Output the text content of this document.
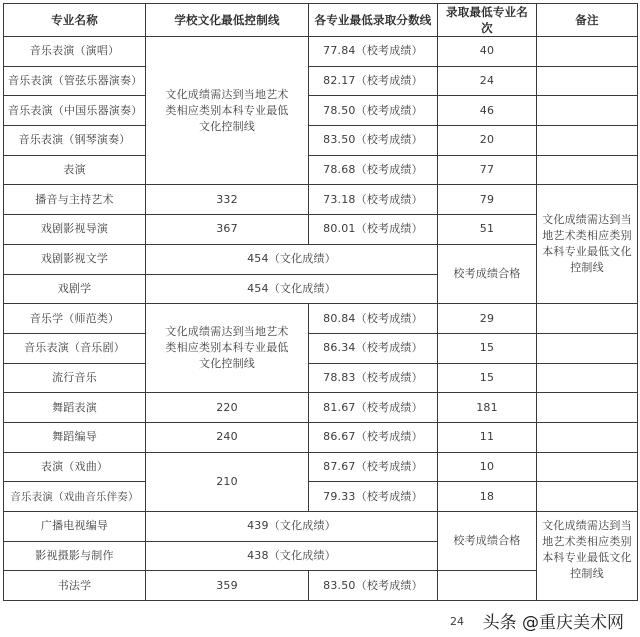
专业名称	学校文化最低控制线	各专业最低录取分数线	录取最低专业名次	备注
音乐表演（演唱）	文化成绩需达到当地艺术类相应类别本科专业最低文化控制线	77.84（校考成绩）	40	
音乐表演（管弦乐器演奏）		82.17（校考成绩）	24	
音乐表演（中国乐器演奏）		78.50（校考成绩）	46	
音乐表演（钢琴演奏）		83.50（校考成绩）	20	
表演		78.68（校考成绩）	77	
播音与主持艺术	332	73.18（校考成绩）	79	文化成绩需达到当地艺术类相应类别本科专业最低文化控制线
戏剧影视导演	367	80.01（校考成绩）	51	
戏剧影视文学	454（文化成绩）		校考成绩合格	
戏剧学	454（文化成绩）			
音乐学（师范类）	文化成绩需达到当地艺术类相应类别本科专业最低文化控制线	80.84（校考成绩）	29	
音乐表演（音乐剧）		86.34（校考成绩）	15	
流行音乐		78.83（校考成绩）	15	
舞蹈表演	220	81.67（校考成绩）	181	
舞蹈编导	240	86.67（校考成绩）	11	
表演（戏曲）	210	87.67（校考成绩）	10	
音乐表演（戏曲音乐伴奏）		79.33（校考成绩）	18	
广播电视编导	439（文化成绩）		校考成绩合格	文化成绩需达到当地艺术类相应类别本科专业最低文化控制线
影视摄影与制作	438（文化成绩）			
书法学	359	83.50（校考成绩）		
24 头条 @重庆美术网
